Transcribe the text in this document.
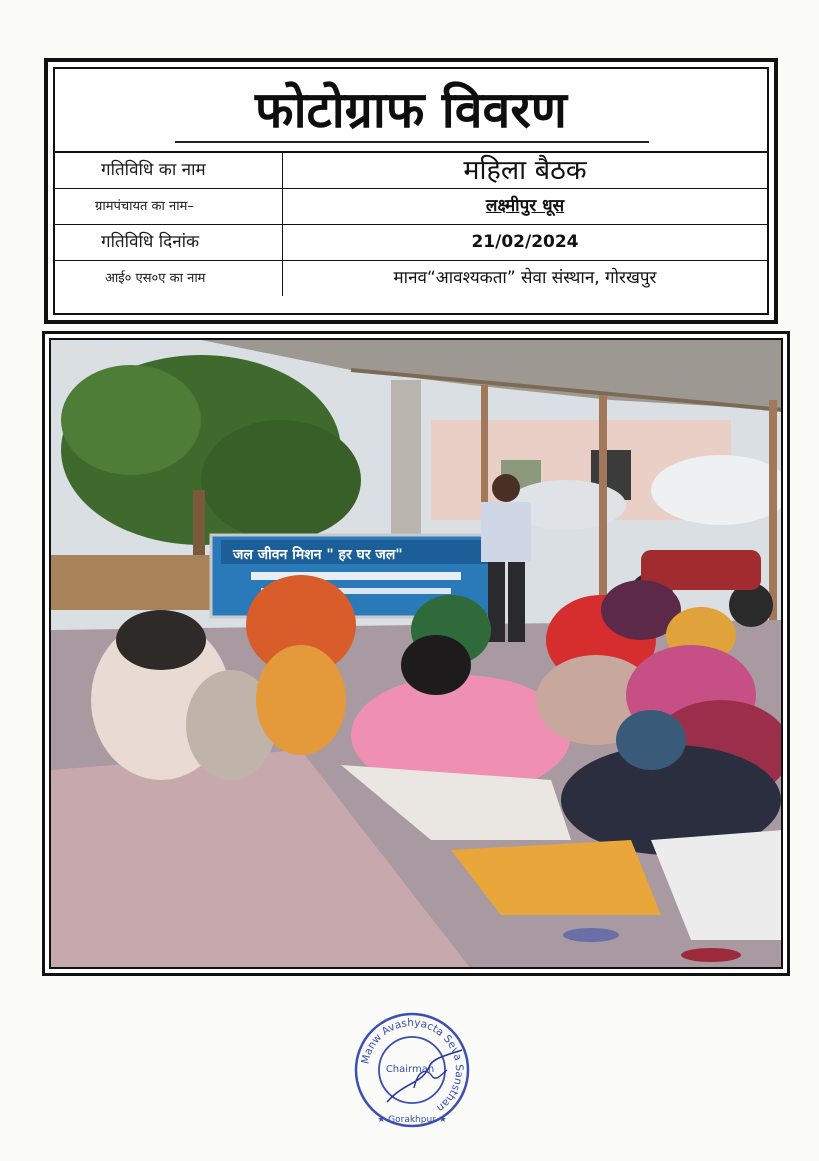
फोटोग्राफ विवरण
गतिविधि का नाम	महिला बैठक
ग्रामपंचायत का नाम–	लक्ष्मीपुर धूस
गतिविधि दिनांक	21/02/2024
आई० एस०ए का नाम	मानव“आवश्यकता” सेवा संस्थान, गोरखपुर
जल जीवन मिशन " हर घर जल"
Manw Avashyacta Seva Sansthan
★ Gorakhpur ★
Chairman
